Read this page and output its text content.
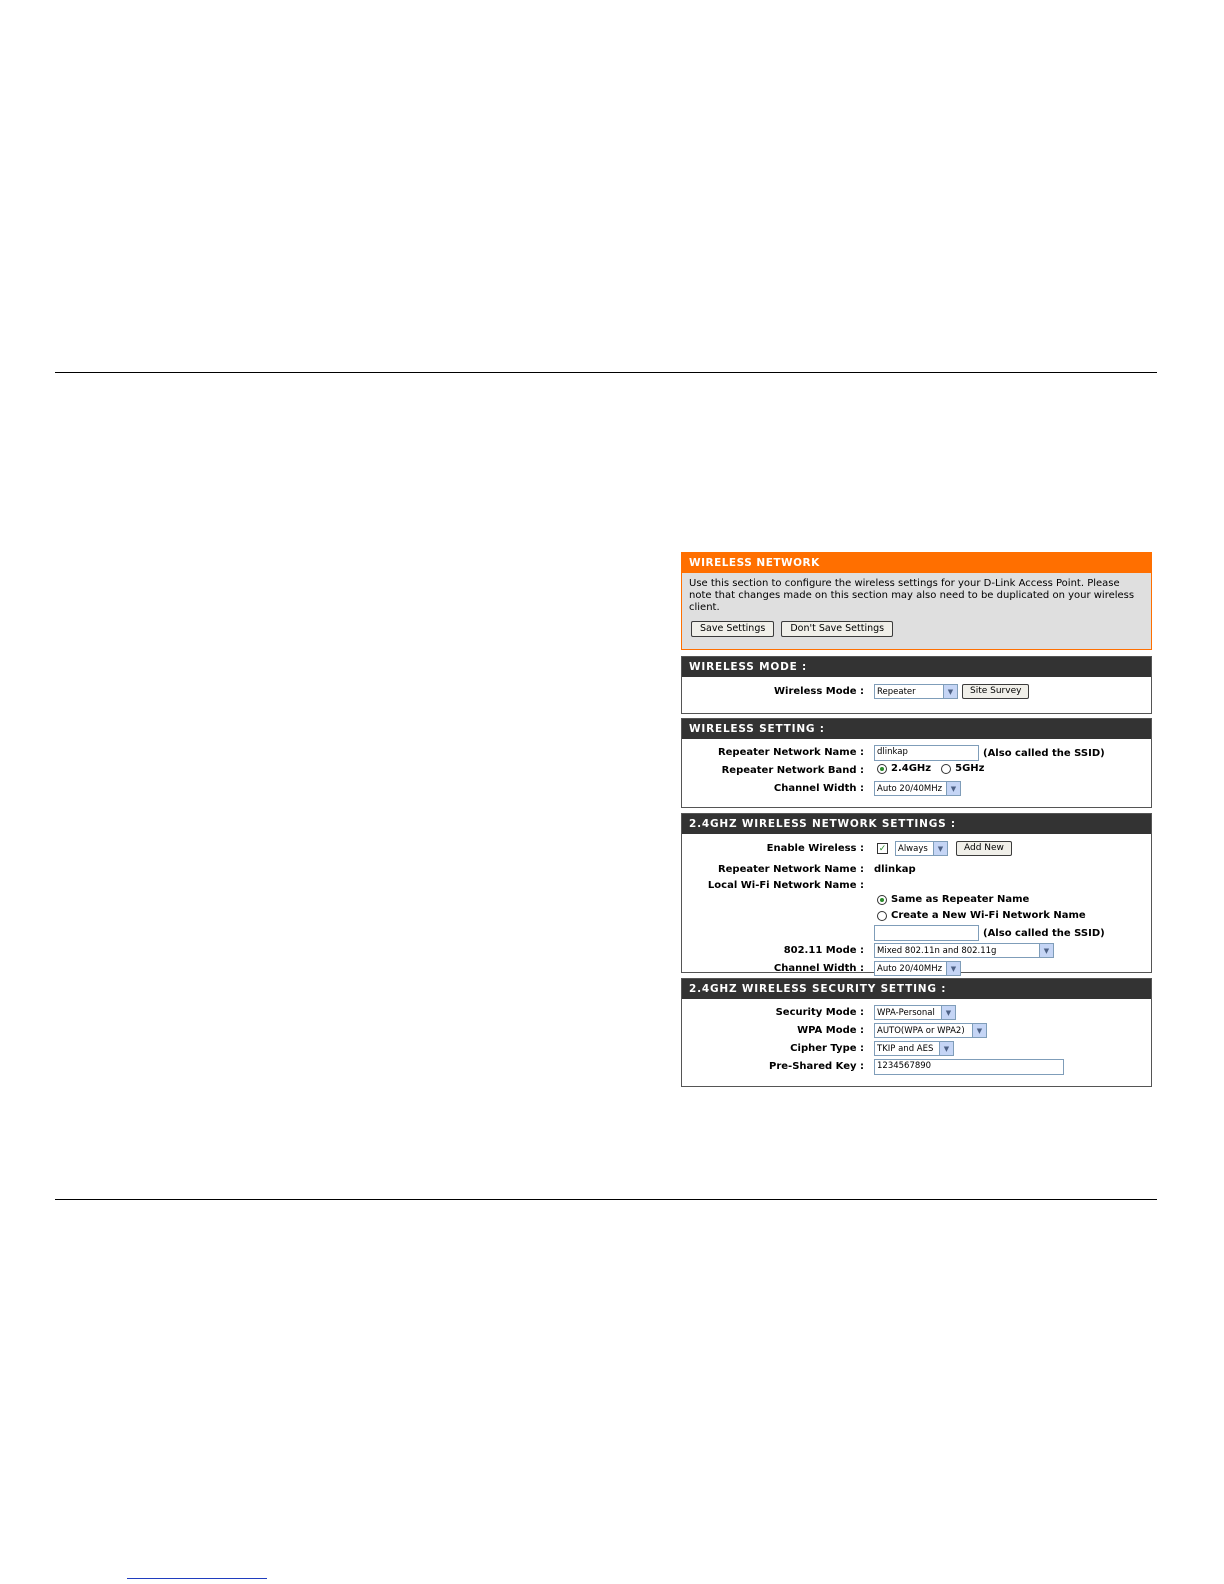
WIRELESS NETWORK
Use this section to configure the wireless settings for your D-Link Access Point. Please note that changes made on this section may also need to be duplicated on your wireless client.
Save Settings	Don't Save Settings
WIRELESS MODE :
Wireless Mode : Repeater	▼	Site Survey
WIRELESS SETTING :
Repeater Network Name :	dlinkap	(Also called the SSID)
Repeater Network Band :	2.4GHz 5GHz
Channel Width : Auto 20/40MHz	▼
2.4GHZ WIRELESS NETWORK SETTINGS :
Enable Wireless : ✓ Always	▼	Add New
Repeater Network Name : dlinkap
Local Wi-Fi Network Name :
Same as Repeater Name
Create a New Wi-Fi Network Name
(Also called the SSID)
802.11 Mode : Mixed 802.11n and 802.11g	▼
Channel Width : Auto 20/40MHz	▼
2.4GHZ WIRELESS SECURITY SETTING :
Security Mode : WPA-Personal	▼
WPA Mode : AUTO(WPA or WPA2)	▼
Cipher Type : TKIP and AES	▼
Pre-Shared Key :	1234567890
